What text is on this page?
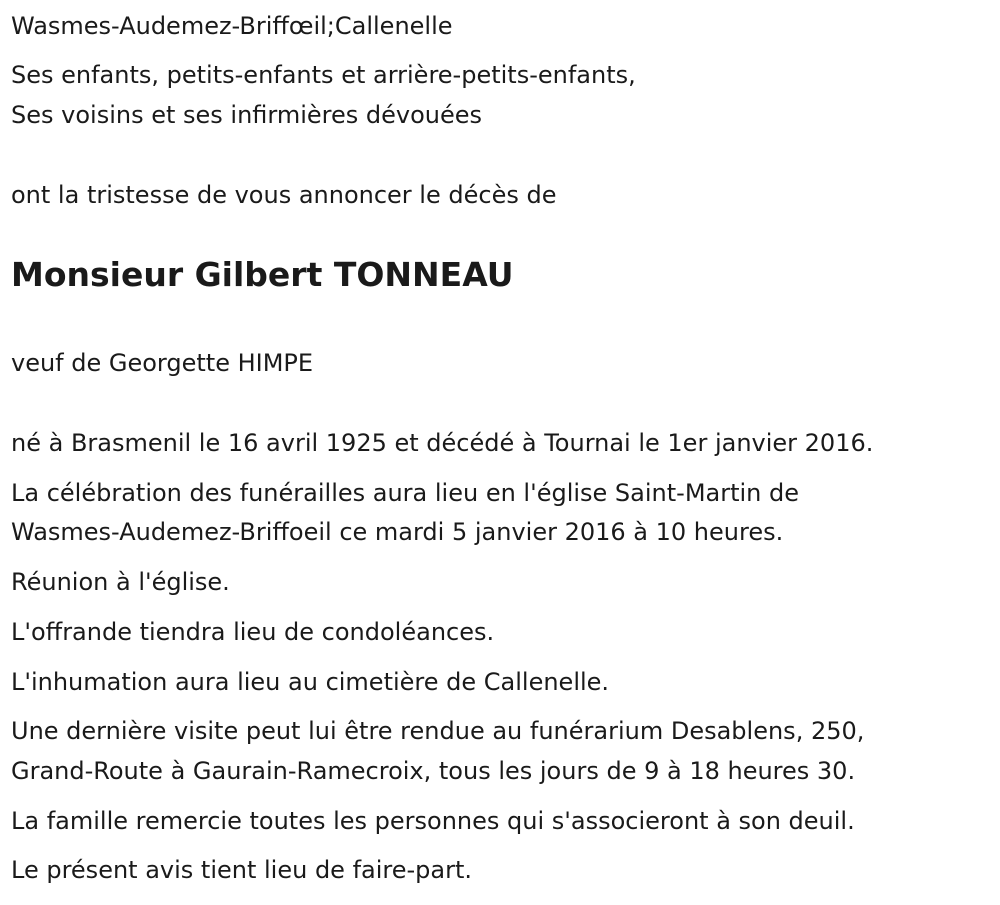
Wasmes-Audemez-Briffœil;Callenelle

Ses enfants, petits-enfants et arrière-petits-enfants,

Ses voisins et ses infirmières dévouées

ont la tristesse de vous annoncer le décès de

Monsieur Gilbert TONNEAU

veuf de Georgette HIMPE

né à Brasmenil le 16 avril 1925 et décédé à Tournai le 1er janvier 2016.

La célébration des funérailles aura lieu en l'église Saint-Martin de

Wasmes-Audemez-Briffoeil ce mardi 5 janvier 2016 à 10 heures.

Réunion à l'église.

L'offrande tiendra lieu de condoléances.

L'inhumation aura lieu au cimetière de Callenelle.

Une dernière visite peut lui être rendue au funérarium Desablens, 250,

Grand-Route à Gaurain-Ramecroix, tous les jours de 9 à 18 heures 30.

La famille remercie toutes les personnes qui s'associeront à son deuil.

Le présent avis tient lieu de faire-part.
